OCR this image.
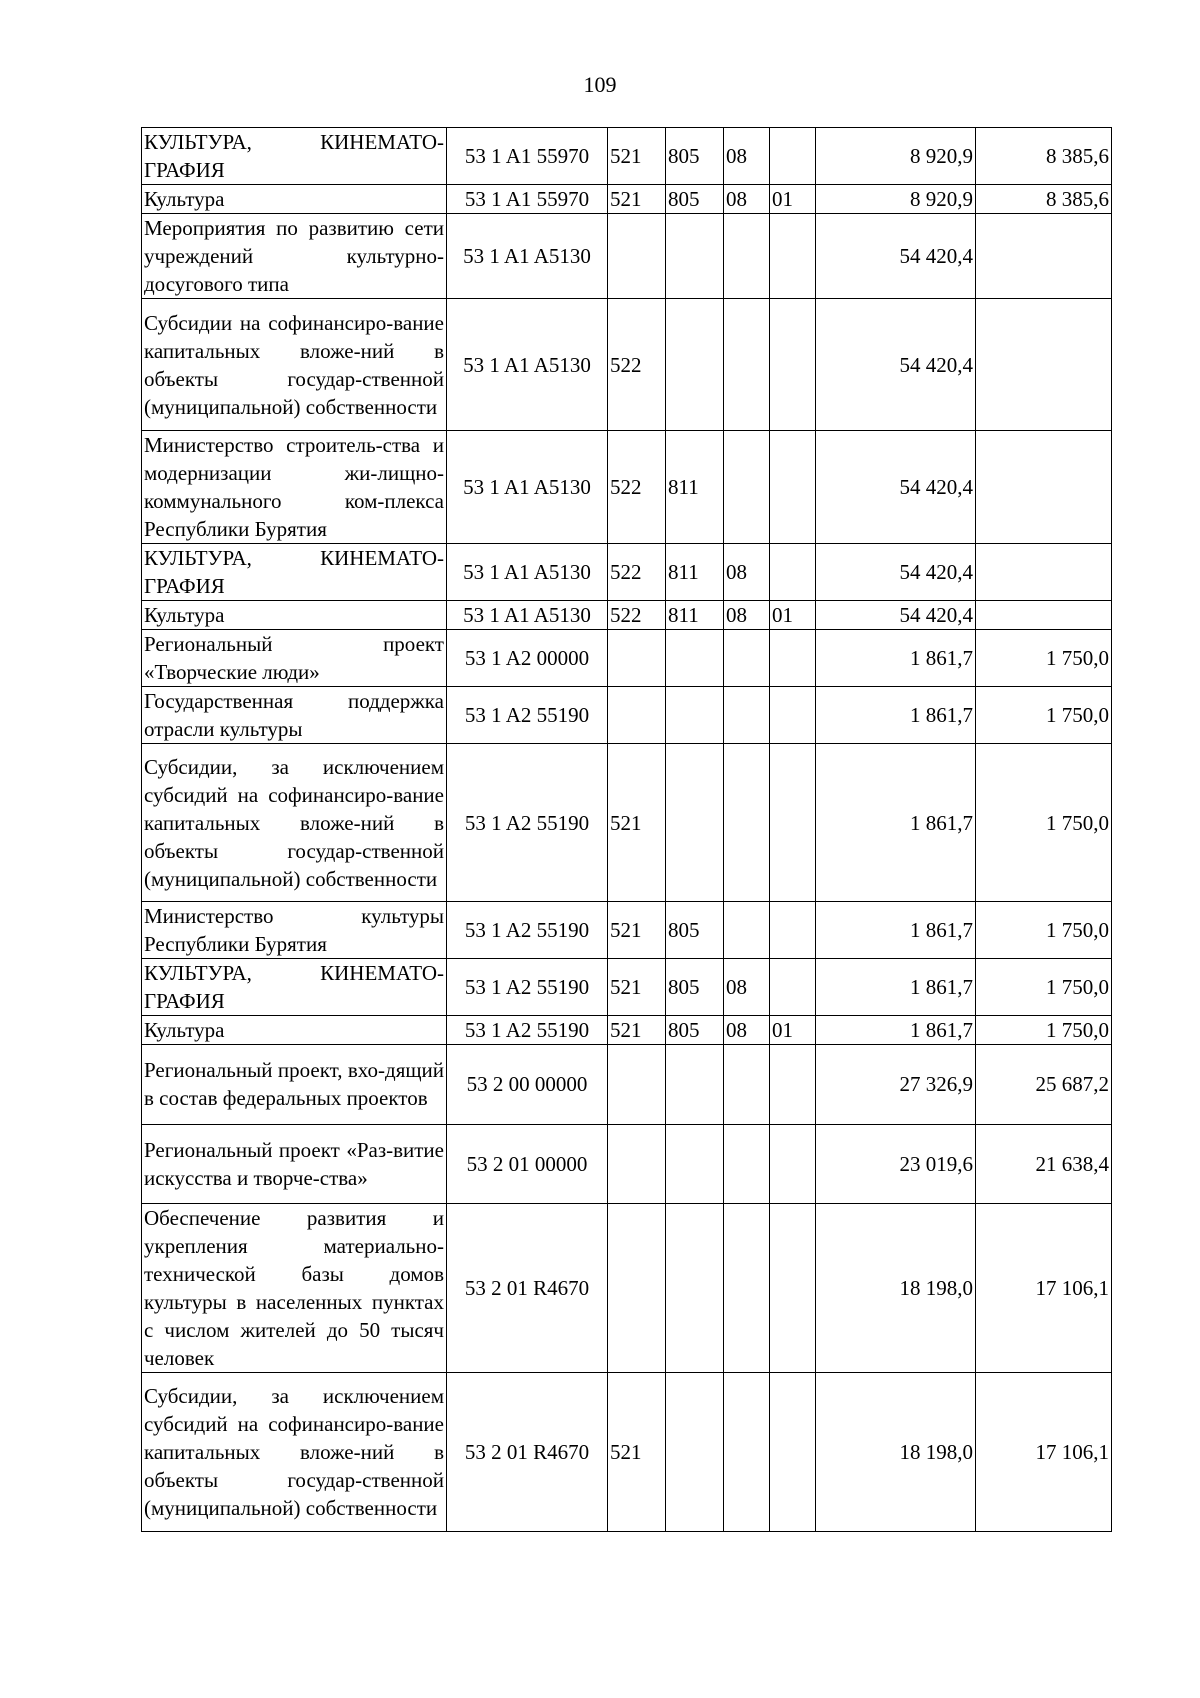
109
КУЛЬТУРА, КИНЕМАТО-ГРАФИЯ	53 1 A1 55970	521	805	08		8 920,9	8 385,6
Культура	53 1 A1 55970	521	805	08	01	8 920,9	8 385,6
Мероприятия по развитию сети учреждений культурно-досугового типа	53 1 A1 A5130					54 420,4	
Субсидии на софинансиро-вание капитальных вложе-ний в объекты государ-ственной (муниципальной) собственности	53 1 A1 A5130	522				54 420,4	
Министерство строитель-ства и модернизации жи-лищно-коммунального ком-плекса Республики Бурятия	53 1 A1 A5130	522	811			54 420,4	
КУЛЬТУРА, КИНЕМАТО-ГРАФИЯ	53 1 A1 A5130	522	811	08		54 420,4	
Культура	53 1 A1 A5130	522	811	08	01	54 420,4	
Региональный проект «Творческие люди»	53 1 A2 00000					1 861,7	1 750,0
Государственная поддержка отрасли культуры	53 1 A2 55190					1 861,7	1 750,0
Субсидии, за исключением субсидий на софинансиро-вание капитальных вложе-ний в объекты государ-ственной (муниципальной) собственности	53 1 A2 55190	521				1 861,7	1 750,0
Министерство культуры Республики Бурятия	53 1 A2 55190	521	805			1 861,7	1 750,0
КУЛЬТУРА, КИНЕМАТО-ГРАФИЯ	53 1 A2 55190	521	805	08		1 861,7	1 750,0
Культура	53 1 A2 55190	521	805	08	01	1 861,7	1 750,0
Региональный проект, вхо-дящий в состав федеральных проектов	53 2 00 00000					27 326,9	25 687,2
Региональный проект «Раз-витие искусства и творче-ства»	53 2 01 00000					23 019,6	21 638,4
Обеспечение развития и укрепления материально-технической базы домов культуры в населенных пунктах с числом жителей до 50 тысяч человек	53 2 01 R4670					18 198,0	17 106,1
Субсидии, за исключением субсидий на софинансиро-вание капитальных вложе-ний в объекты государ-ственной (муниципальной) собственности	53 2 01 R4670	521				18 198,0	17 106,1
